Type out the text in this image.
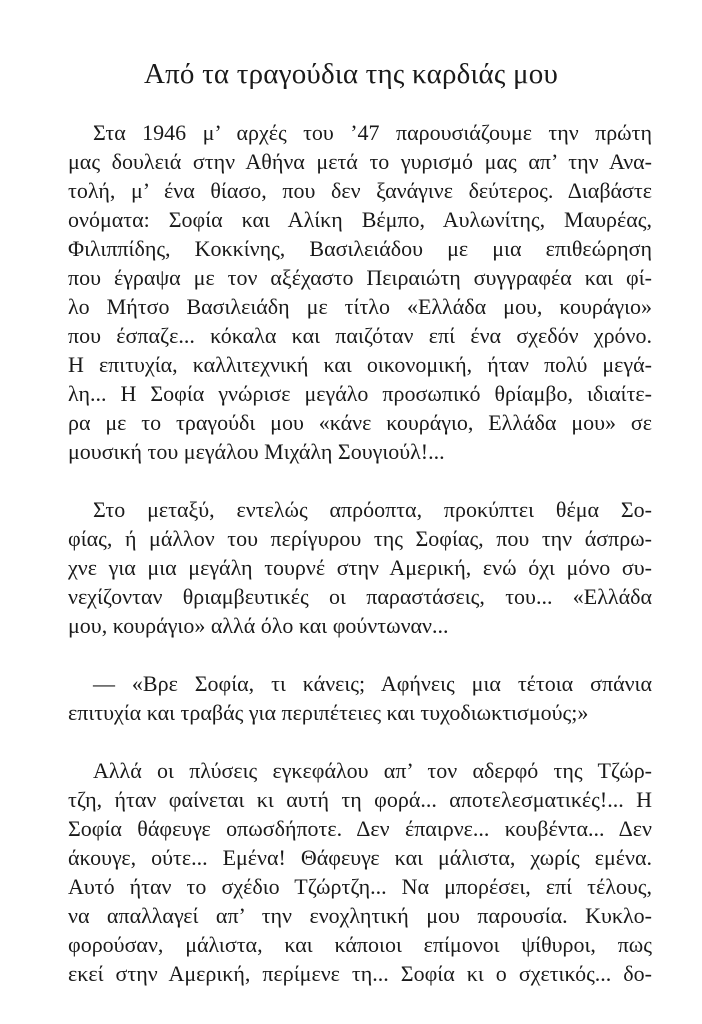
Από τα τραγούδια της καρδιάς μου
Στα 1946 μ’ αρχές του ’47 παρουσιάζουμε την πρώτη
μας δουλειά στην Αθήνα μετά το γυρισμό μας απ’ την Ανα-
τολή, μ’ ένα θίασο, που δεν ξανάγινε δεύτερος. Διαβάστε
ονόματα: Σοφία και Αλίκη Βέμπο, Αυλωνίτης, Μαυρέας,
Φιλιππίδης, Κοκκίνης, Βασιλειάδου με μια επιθεώρηση
που έγραψα με τον αξέχαστο Πειραιώτη συγγραφέα και φί-
λο Μήτσο Βασιλειάδη με τίτλο «Ελλάδα μου, κουράγιο»
που έσπαζε... κόκαλα και παιζόταν επί ένα σχεδόν χρόνο.
Η επιτυχία, καλλιτεχνική και οικονομική, ήταν πολύ μεγά-
λη... Η Σοφία γνώρισε μεγάλο προσωπικό θρίαμβο, ιδιαίτε-
ρα με το τραγούδι μου «κάνε κουράγιο, Ελλάδα μου» σε
μουσική του μεγάλου Μιχάλη Σουγιούλ!...
Στο μεταξύ, εντελώς απρόοπτα, προκύπτει θέμα Σο-
φίας, ή μάλλον του περίγυρου της Σοφίας, που την άσπρω-
χνε για μια μεγάλη τουρνέ στην Αμερική, ενώ όχι μόνο συ-
νεχίζονταν θριαμβευτικές οι παραστάσεις, του... «Ελλάδα
μου, κουράγιο» αλλά όλο και φούντωναν...
— «Βρε Σοφία, τι κάνεις; Αφήνεις μια τέτοια σπάνια
επιτυχία και τραβάς για περιπέτειες και τυχοδιωκτισμούς;»
Αλλά οι πλύσεις εγκεφάλου απ’ τον αδερφό της Τζώρ-
τζη, ήταν φαίνεται κι αυτή τη φορά... αποτελεσματικές!... Η
Σοφία θάφευγε οπωσδήποτε. Δεν έπαιρνε... κουβέντα... Δεν
άκουγε, ούτε... Εμένα! Θάφευγε και μάλιστα, χωρίς εμένα.
Αυτό ήταν το σχέδιο Τζώρτζη... Να μπορέσει, επί τέλους,
να απαλλαγεί απ’ την ενοχλητική μου παρουσία. Κυκλο-
φορούσαν, μάλιστα, και κάποιοι επίμονοι ψίθυροι, πως
εκεί στην Αμερική, περίμενε τη... Σοφία κι ο σχετικός... δο-
